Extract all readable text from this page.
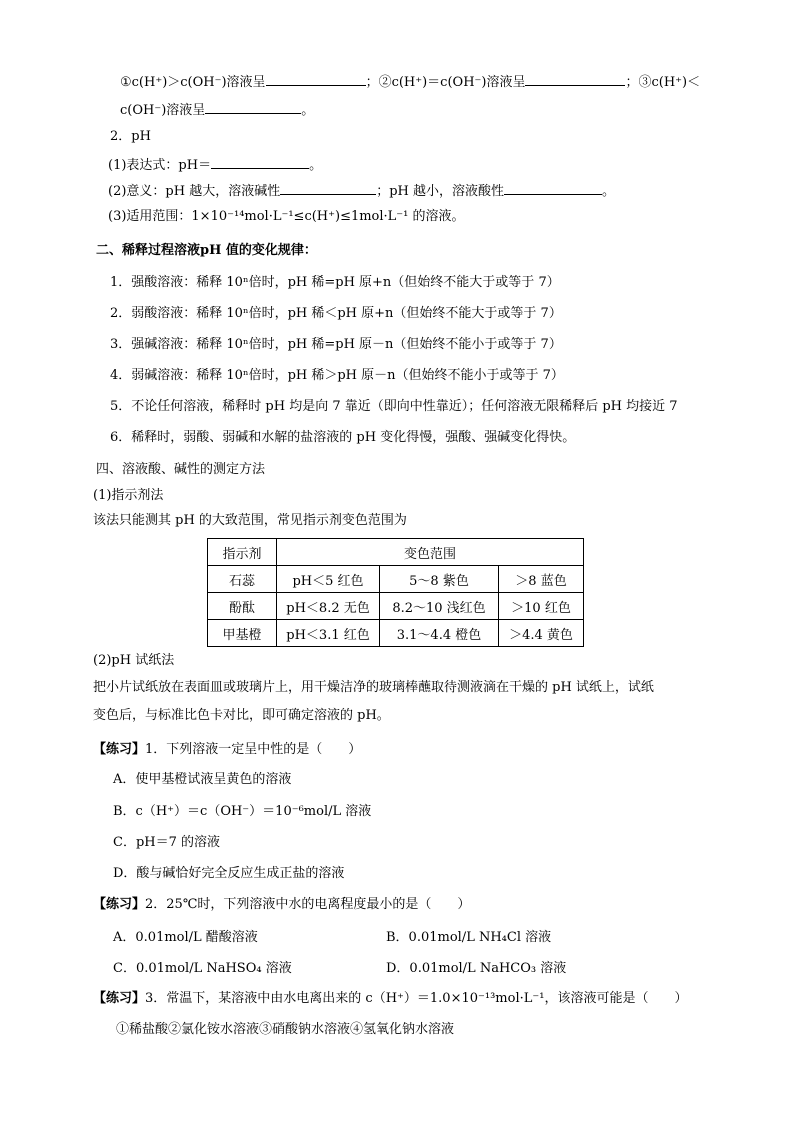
①c(H⁺)＞c(OH⁻)溶液呈	；②c(H⁺)＝c(OH⁻)溶液呈	；③c(H⁺)＜
c(OH⁻)溶液呈	。
2．pH
(1)表达式：pH＝	。
(2)意义：pH 越大，溶液碱性	；pH 越小，溶液酸性	。
(3)适用范围：1×10⁻¹⁴mol·L⁻¹≤c(H⁺)≤1mol·L⁻¹ 的溶液。
二、稀释过程溶液pH 值的变化规律：
1．强酸溶液：稀释 10ⁿ倍时，pH 稀=pH 原+n（但始终不能大于或等于 7）
2．弱酸溶液：稀释 10ⁿ倍时，pH 稀＜pH 原+n（但始终不能大于或等于 7）
3．强碱溶液：稀释 10ⁿ倍时，pH 稀=pH 原－n（但始终不能小于或等于 7）
4．弱碱溶液：稀释 10ⁿ倍时，pH 稀＞pH 原－n（但始终不能小于或等于 7）
5．不论任何溶液，稀释时 pH 均是向 7 靠近（即向中性靠近）；任何溶液无限稀释后 pH 均接近 7
6．稀释时，弱酸、弱碱和水解的盐溶液的 pH 变化得慢，强酸、强碱变化得快。
四、溶液酸、碱性的测定方法
(1)指示剂法
该法只能测其 pH 的大致范围，常见指示剂变色范围为
指示剂	变色范围		
石蕊	pH＜5 红色	5～8 紫色	＞8 蓝色
酚酞	pH＜8.2 无色	8.2～10 浅红色	＞10 红色
甲基橙	pH＜3.1 红色	3.1～4.4 橙色	＞4.4 黄色
(2)pH 试纸法
把小片试纸放在表面皿或玻璃片上，用干燥洁净的玻璃棒蘸取待测液滴在干燥的 pH 试纸上，试纸
变色后，与标准比色卡对比，即可确定溶液的 pH。
【练习】1．下列溶液一定呈中性的是（　　）
A．使甲基橙试液呈黄色的溶液
B．c（H⁺）＝c（OH⁻）＝10⁻⁶mol/L 溶液
C．pH＝7 的溶液
D．酸与碱恰好完全反应生成正盐的溶液
【练习】2．25℃时，下列溶液中水的电离程度最小的是（　　）
A．0.01mol/L 醋酸溶液	B．0.01mol/L NH₄Cl 溶液
C．0.01mol/L NaHSO₄ 溶液	D．0.01mol/L NaHCO₃ 溶液
【练习】3．常温下，某溶液中由水电离出来的 c（H⁺）＝1.0×10⁻¹³mol·L⁻¹，该溶液可能是（　　）
①稀盐酸②氯化铵水溶液③硝酸钠水溶液④氢氧化钠水溶液
